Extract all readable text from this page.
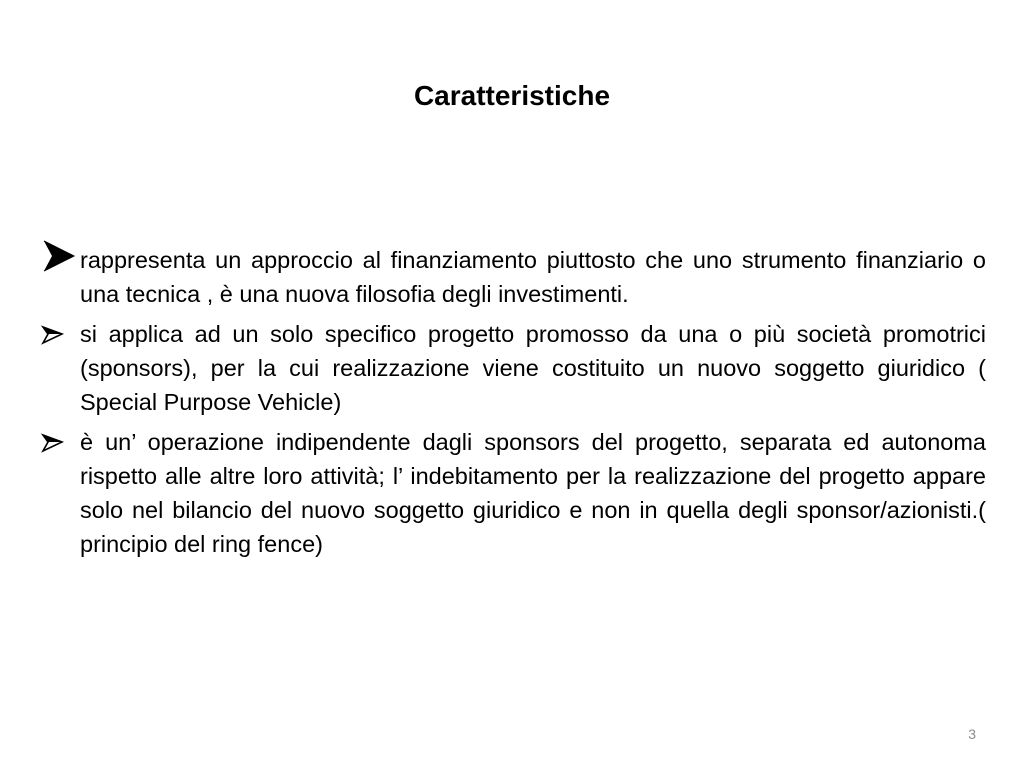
Caratteristiche
rappresenta un approccio al finanziamento piuttosto che uno strumento finanziario o una tecnica , è una nuova filosofia degli investimenti.
si applica ad un solo specifico progetto promosso da una o più società promotrici (sponsors), per la cui realizzazione viene costituito un nuovo soggetto giuridico ( Special Purpose Vehicle)
è un’ operazione indipendente dagli sponsors del progetto, separata ed autonoma rispetto alle altre loro attività; l’ indebitamento per la realizzazione del progetto appare solo nel bilancio del nuovo soggetto giuridico e non in quella degli sponsor/azionisti.( principio del ring fence)
3
